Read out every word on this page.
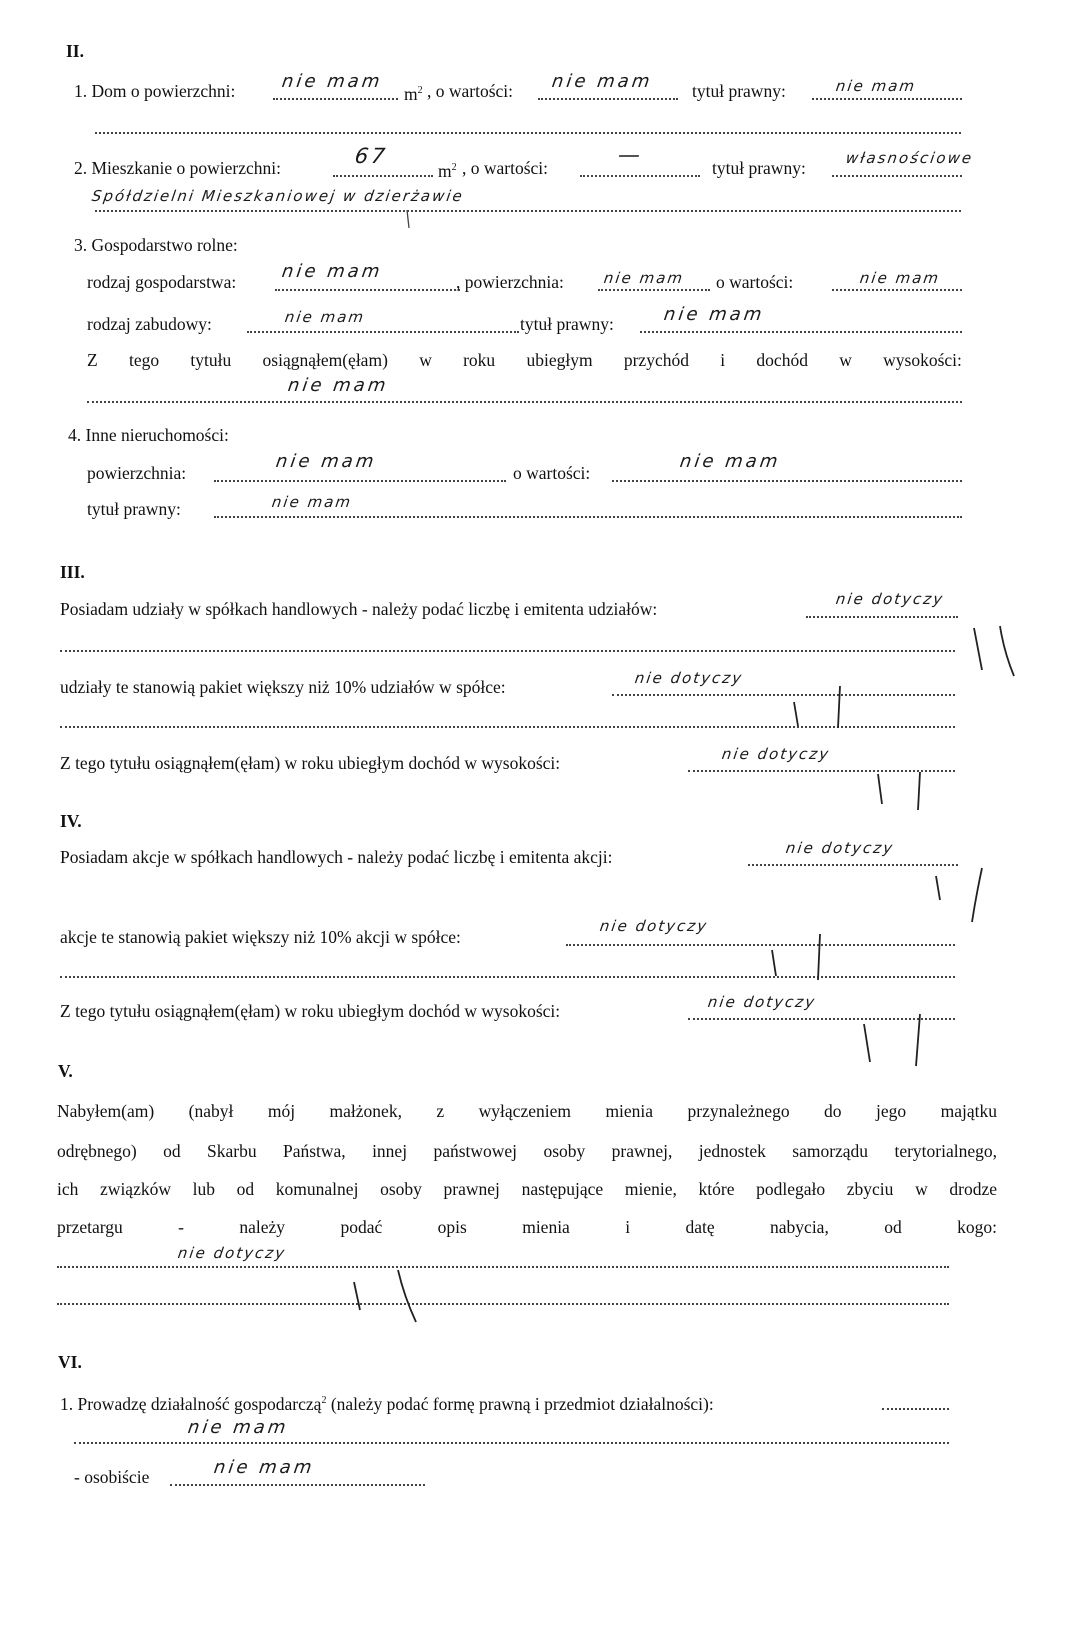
II.
1. Dom o powierzchni:	nie mam
$m^2$ , o wartości: nie mam tytuł prawny:	nie mam
2. Mieszkanie o powierzchni:	67
$m^2$ , o wartości:	—	tytuł prawny:	własnościowe
Spółdzielni Mieszkaniowej w dzierżawie
3. Gospodarstwo rolne:
rodzaj gospodarstwa: nie mam	, powierzchnia:	nie mam o wartości:	nie mam
rodzaj zabudowy:	nie mam	tytuł prawny:	nie mam
Z tego tytułu osiągnąłem(ęłam) w roku ubiegłym przychód i dochód w wysokości:
nie mam
4. Inne nieruchomości:
powierzchnia:
nie mam
o wartości:
nie mam
tytuł prawny:	nie mam
III.
Posiadam udziały w spółkach handlowych - należy podać liczbę i emitenta udziałów:	nie dotyczy
udziały te stanowią pakiet większy niż 10% udziałów w spółce:	nie dotyczy
Z tego tytułu osiągnąłem(ęłam) w roku ubiegłym dochód w wysokości:	nie dotyczy
IV.
Posiadam akcje w spółkach handlowych - należy podać liczbę i emitenta akcji:	nie dotyczy
akcje te stanowią pakiet większy niż 10% akcji w spółce:
nie dotyczy
Z tego tytułu osiągnąłem(ęłam) w roku ubiegłym dochód w wysokości:	nie dotyczy
V.
Nabyłem(am) (nabył mój małżonek, z wyłączeniem mienia przynależnego do jego majątku
odrębnego) od Skarbu Państwa, innej państwowej osoby prawnej, jednostek samorządu terytorialnego,
ich związków lub od komunalnej osoby prawnej następujące mienie, które podlegało zbyciu w drodze
przetargu	-	należy	podać	opis	mienia	i	datę	nabycia,	od	kogo:
nie dotyczy
VI.
1. Prowadzę działalność gospodarczą$^2$ (należy podać formę prawną i przedmiot działalności):
nie mam
- osobiście	nie mam
